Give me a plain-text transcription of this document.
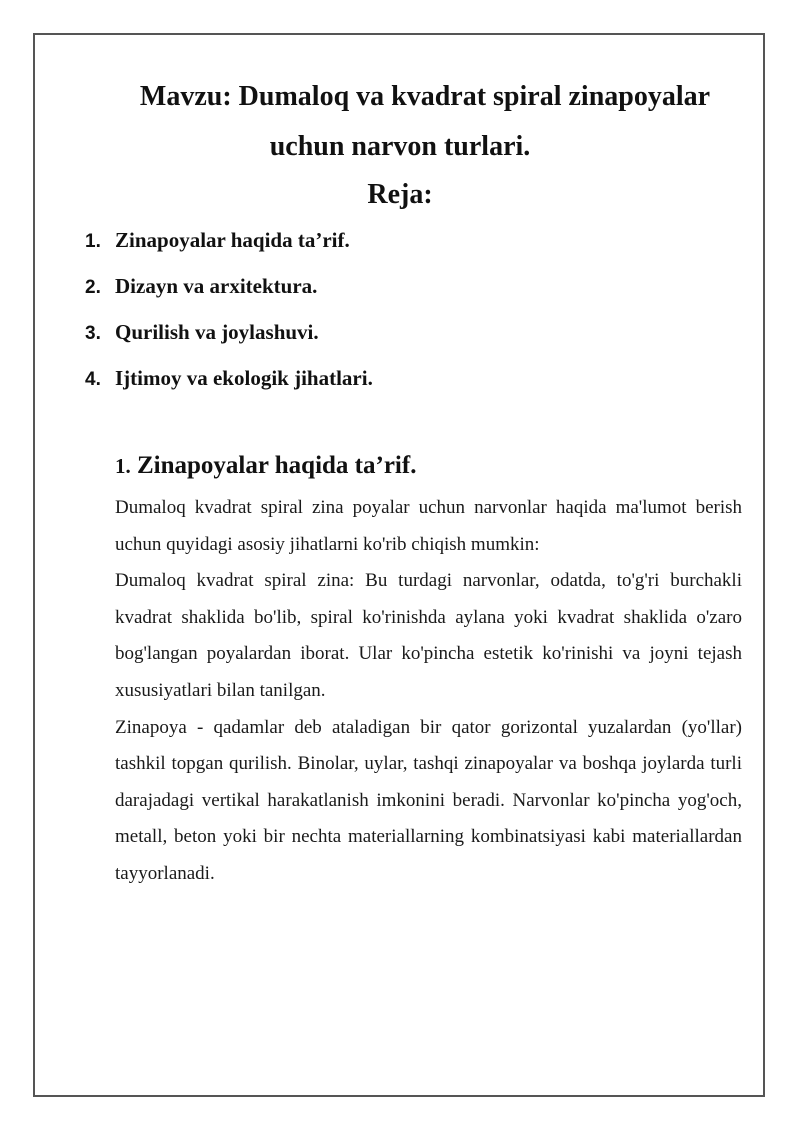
Mavzu: Dumaloq va kvadrat spiral zinapoyalar
uchun narvon turlari.
Reja:
1. Zinapoyalar haqida ta’rif.
2. Dizayn va arxitektura.
3. Qurilish va joylashuvi.
4. Ijtimoy va ekologik jihatlari.
1. Zinapoyalar haqida ta’rif.

Dumaloq kvadrat spiral zina poyalar uchun narvonlar haqida ma'lumot berish uchun quyidagi asosiy jihatlarni ko'rib chiqish mumkin:

Dumaloq kvadrat spiral zina: Bu turdagi narvonlar, odatda, to'g'ri burchakli kvadrat shaklida bo'lib, spiral ko'rinishda aylana yoki kvadrat shaklida o'zaro bog'langan poyalardan iborat. Ular ko'pincha estetik ko'rinishi va joyni tejash xususiyatlari bilan tanilgan.

Zinapoya - qadamlar deb ataladigan bir qator gorizontal yuzalardan (yo'llar) tashkil topgan qurilish. Binolar, uylar, tashqi zinapoyalar va boshqa joylarda turli darajadagi vertikal harakatlanish imkonini beradi. Narvonlar ko'pincha yog'och, metall, beton yoki bir nechta materiallarning kombinatsiyasi kabi materiallardan tayyorlanadi.
